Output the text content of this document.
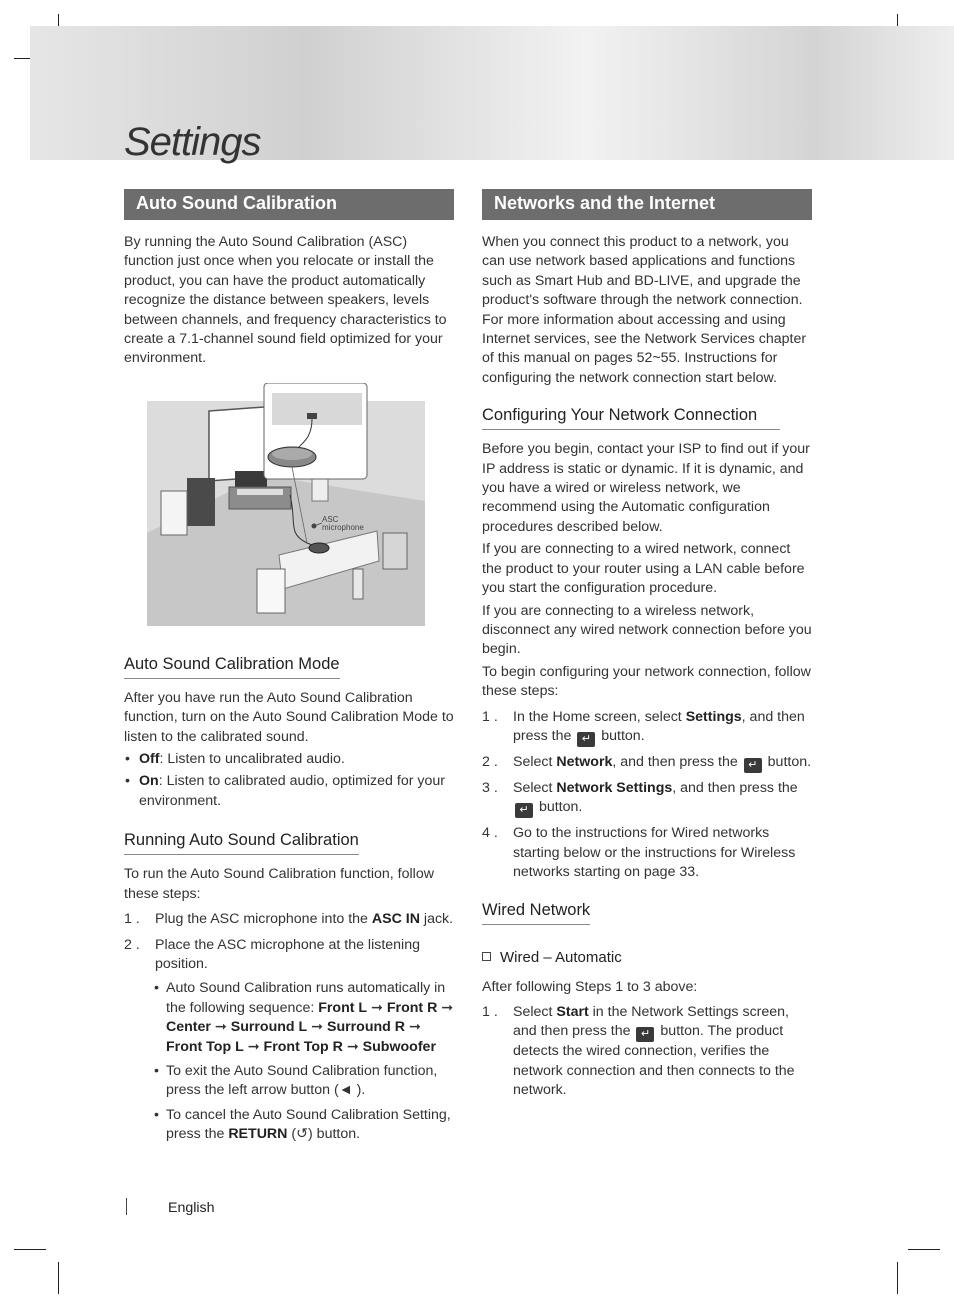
Settings
Auto Sound Calibration

By running the Auto Sound Calibration (ASC) function just once when you relocate or install the product, you can have the product automatically recognize the distance between speakers, levels between channels, and frequency characteristics to create a 7.1-channel sound field optimized for your environment.

Auto Sound Calibration Mode

After you have run the Auto Sound Calibration function, turn on the Auto Sound Calibration Mode to listen to the calibrated sound.

• Off: Listen to uncalibrated audio.
• On: Listen to calibrated audio, optimized for your environment.
Running Auto Sound Calibration

To run the Auto Sound Calibration function, follow these steps:

1 . Plug the ASC microphone into the ASC IN jack.
2 . Place the ASC microphone at the listening position.
• Auto Sound Calibration runs automatically in the following sequence: Front L ➞ Front R ➞ Center ➞ Surround L ➞ Surround R ➞ Front Top L ➞ Front Top R ➞ Subwoofer
• To exit the Auto Sound Calibration function, press the left arrow button (◄ ).
• To cancel the Auto Sound Calibration Setting, press the RETURN (↺) button.
ASC
microphone
Networks and the Internet

When you connect this product to a network, you can use network based applications and functions such as Smart Hub and BD-LIVE, and upgrade the product's software through the network connection. For more information about accessing and using Internet services, see the Network Services chapter of this manual on pages 52~55. Instructions for configuring the network connection start below.

Configuring Your Network Connection

Before you begin, contact your ISP to find out if your IP address is static or dynamic. If it is dynamic, and you have a wired or wireless network, we recommend using the Automatic configuration procedures described below.

If you are connecting to a wired network, connect the product to your router using a LAN cable before you start the configuration procedure.

If you are connecting to a wireless network, disconnect any wired network connection before you begin.

To begin configuring your network connection, follow these steps:

1 . In the Home screen, select Settings, and then press the ↵ button.
2 . Select Network, and then press the ↵ button.
3 . Select Network Settings, and then press the ↵ button.
4 . Go to the instructions for Wired networks starting below or the instructions for Wireless networks starting on page 33.
Wired Network
Wired – Automatic

After following Steps 1 to 3 above:

1 . Select Start in the Network Settings screen, and then press the ↵ button. The product detects the wired connection, verifies the network connection and then connects to the network.
English
